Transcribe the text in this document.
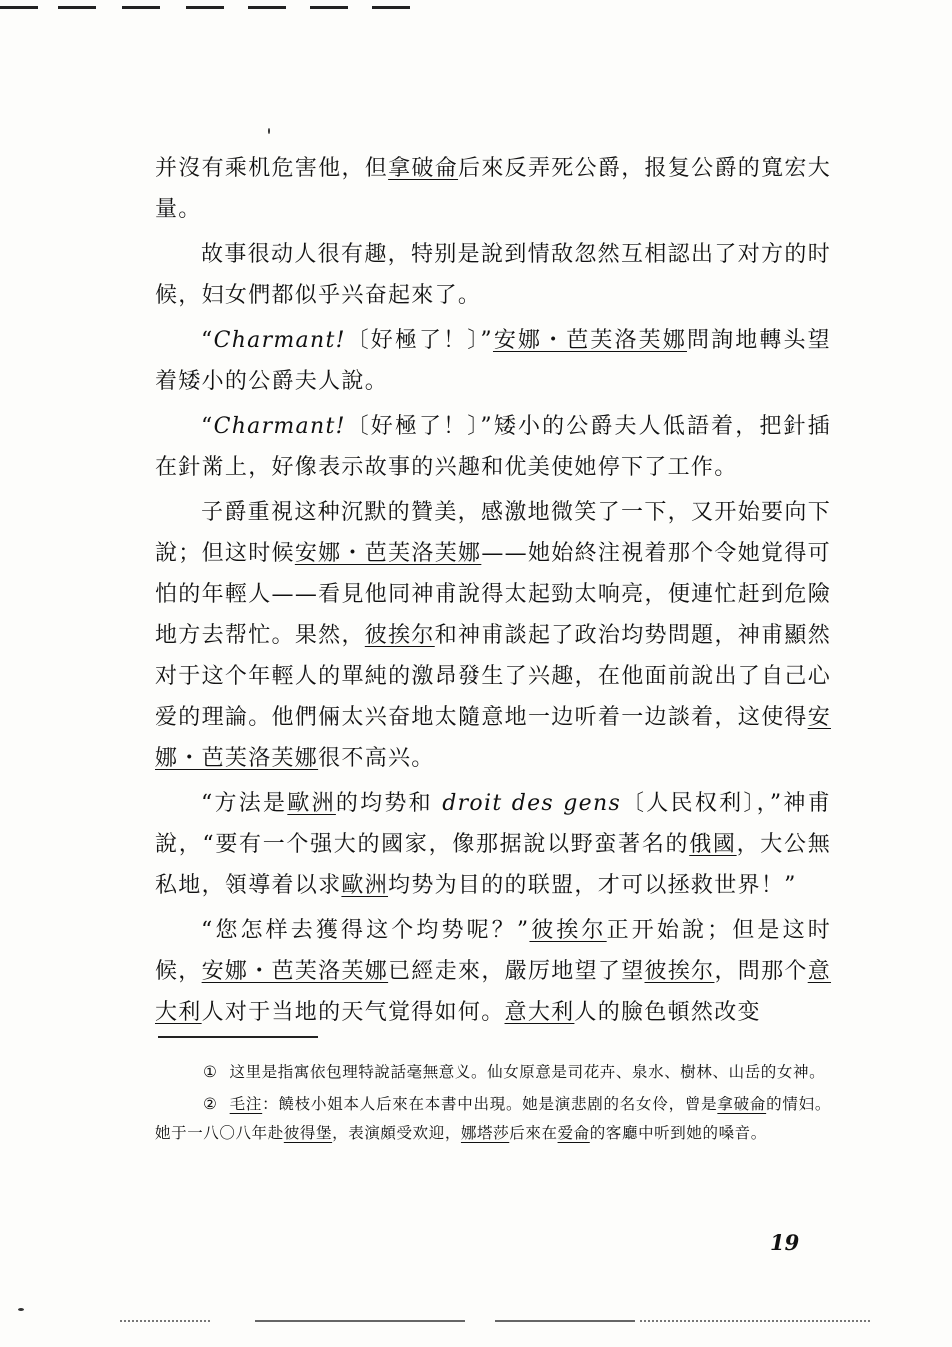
并沒有乘机危害他，但拿破侖后來反弄死公爵，报复公爵的寬宏大量。

故事很动人很有趣，特别是說到情敌忽然互相認出了对方的时候，妇女們都似乎兴奋起來了。

“Charmant!〔好極了！〕”安娜・芭芙洛芙娜問詢地轉头望着矮小的公爵夫人說。

“Charmant!〔好極了！〕”矮小的公爵夫人低語着，把針插在針黹上，好像表示故事的兴趣和优美使她停下了工作。

子爵重視这种沉默的贊美，感激地微笑了一下，又开始要向下說；但这时候安娜・芭芙洛芙娜——她始終注視着那个令她覚得可怕的年輕人——看見他同神甫說得太起勁太响亮，便連忙赶到危險地方去帮忙。果然，彼挨尔和神甫談起了政治均势問題，神甫顯然对于这个年輕人的單純的激昂發生了兴趣，在他面前說出了自己心爱的理論。他們倆太兴奋地太隨意地一边听着一边談着，这使得安娜・芭芙洛芙娜很不高兴。

“方法是歐洲的均势和 droit des gens〔人民权利〕，”神甫說，“要有一个强大的國家，像那据說以野蛮著名的俄國，大公無私地，領導着以求歐洲均势为目的的联盟，才可以拯救世界！”

“您怎样去獲得这个均势呢？”彼挨尔正开始說；但是这时候，安娜・芭芙洛芙娜已經走來，嚴厉地望了望彼挨尔，問那个意大利人对于当地的天气覚得如何。意大利人的臉色頓然改变

① 这里是指寓依包理特說話毫無意义。仙女原意是司花卉、泉水、樹林、山岳的女神。

② 毛注：饒枝小姐本人后來在本書中出現。她是演悲剧的名女伶，曾是拿破侖的情妇。她于一八〇八年赴彼得堡，表演頗受欢迎，娜塔莎后來在爱侖的客廳中听到她的嗓音。

19
